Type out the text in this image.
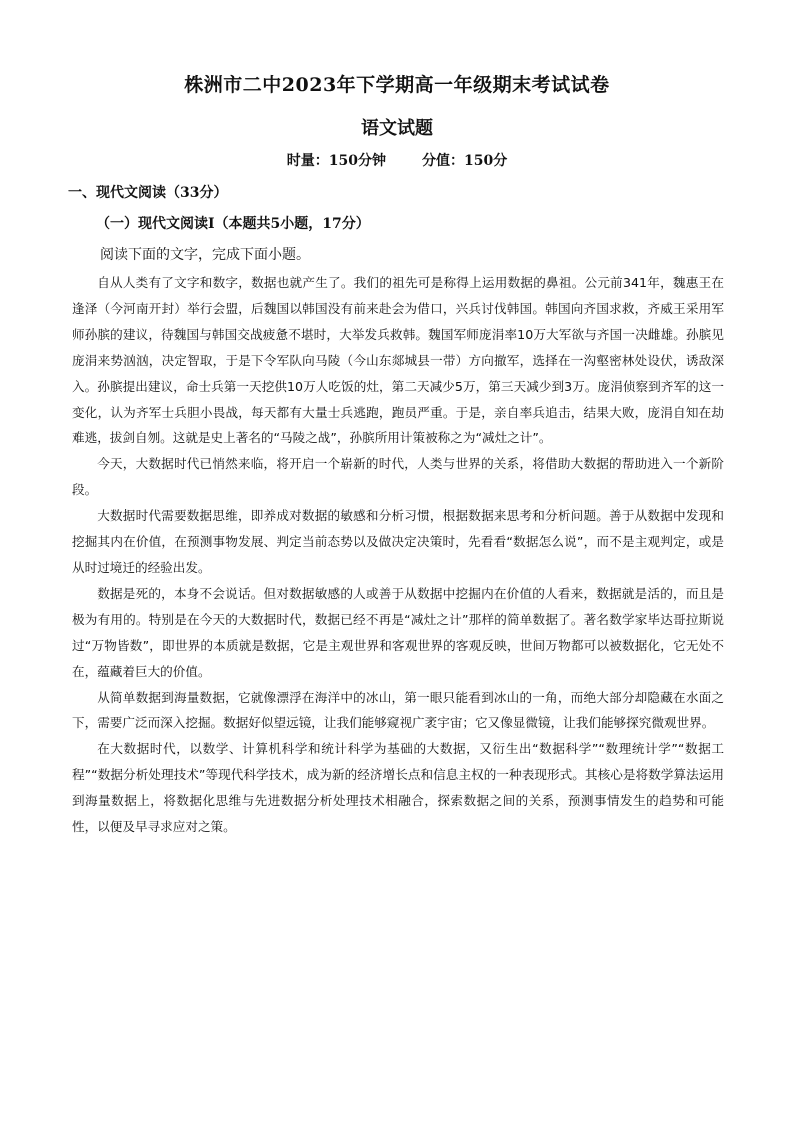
株洲市二中2023年下学期高一年级期末考试试卷
语文试题
时量：150分钟	分值：150分
一、现代文阅读（33分）
（一）现代文阅读Ⅰ（本题共5小题，17分）
阅读下面的文字，完成下面小题。

自从人类有了文字和数字，数据也就产生了。我们的祖先可是称得上运用数据的鼻祖。公元前341年，魏惠王在逢泽（今河南开封）举行会盟，后魏国以韩国没有前来赴会为借口，兴兵讨伐韩国。韩国向齐国求救，齐威王采用军师孙膑的建议，待魏国与韩国交战疲惫不堪时，大举发兵救韩。魏国军师庞涓率10万大军欲与齐国一决雌雄。孙膑见庞涓来势汹汹，决定智取，于是下令军队向马陵（今山东郯城县一带）方向撤军，选择在一沟壑密林处设伏，诱敌深入。孙膑提出建议，命士兵第一天挖供10万人吃饭的灶，第二天减少5万，第三天减少到3万。庞涓侦察到齐军的这一变化，认为齐军士兵胆小畏战，每天都有大量士兵逃跑，跑员严重。于是，亲自率兵追击，结果大败，庞涓自知在劫难逃，拔剑自刎。这就是史上著名的“马陵之战”，孙膑所用计策被称之为“减灶之计”。

今天，大数据时代已悄然来临，将开启一个崭新的时代，人类与世界的关系，将借助大数据的帮助进入一个新阶段。

大数据时代需要数据思维，即养成对数据的敏感和分析习惯，根据数据来思考和分析问题。善于从数据中发现和挖掘其内在价值，在预测事物发展、判定当前态势以及做决定决策时，先看看“数据怎么说”，而不是主观判定，或是从时过境迁的经验出发。

数据是死的，本身不会说话。但对数据敏感的人或善于从数据中挖掘内在价值的人看来，数据就是活的，而且是极为有用的。特别是在今天的大数据时代，数据已经不再是“减灶之计”那样的简单数据了。著名数学家毕达哥拉斯说过“万物皆数”，即世界的本质就是数据，它是主观世界和客观世界的客观反映，世间万物都可以被数据化，它无处不在，蕴藏着巨大的价值。

从简单数据到海量数据，它就像漂浮在海洋中的冰山，第一眼只能看到冰山的一角，而绝大部分却隐藏在水面之下，需要广泛而深入挖掘。数据好似望远镜，让我们能够窥视广袤宇宙；它又像显微镜，让我们能够探究微观世界。

在大数据时代，以数学、计算机科学和统计科学为基础的大数据，又衍生出“数据科学”“数理统计学”“数据工程”“数据分析处理技术”等现代科学技术，成为新的经济增长点和信息主权的一种表现形式。其核心是将数学算法运用到海量数据上，将数据化思维与先进数据分析处理技术相融合，探索数据之间的关系，预测事情发生的趋势和可能性，以便及早寻求应对之策。
